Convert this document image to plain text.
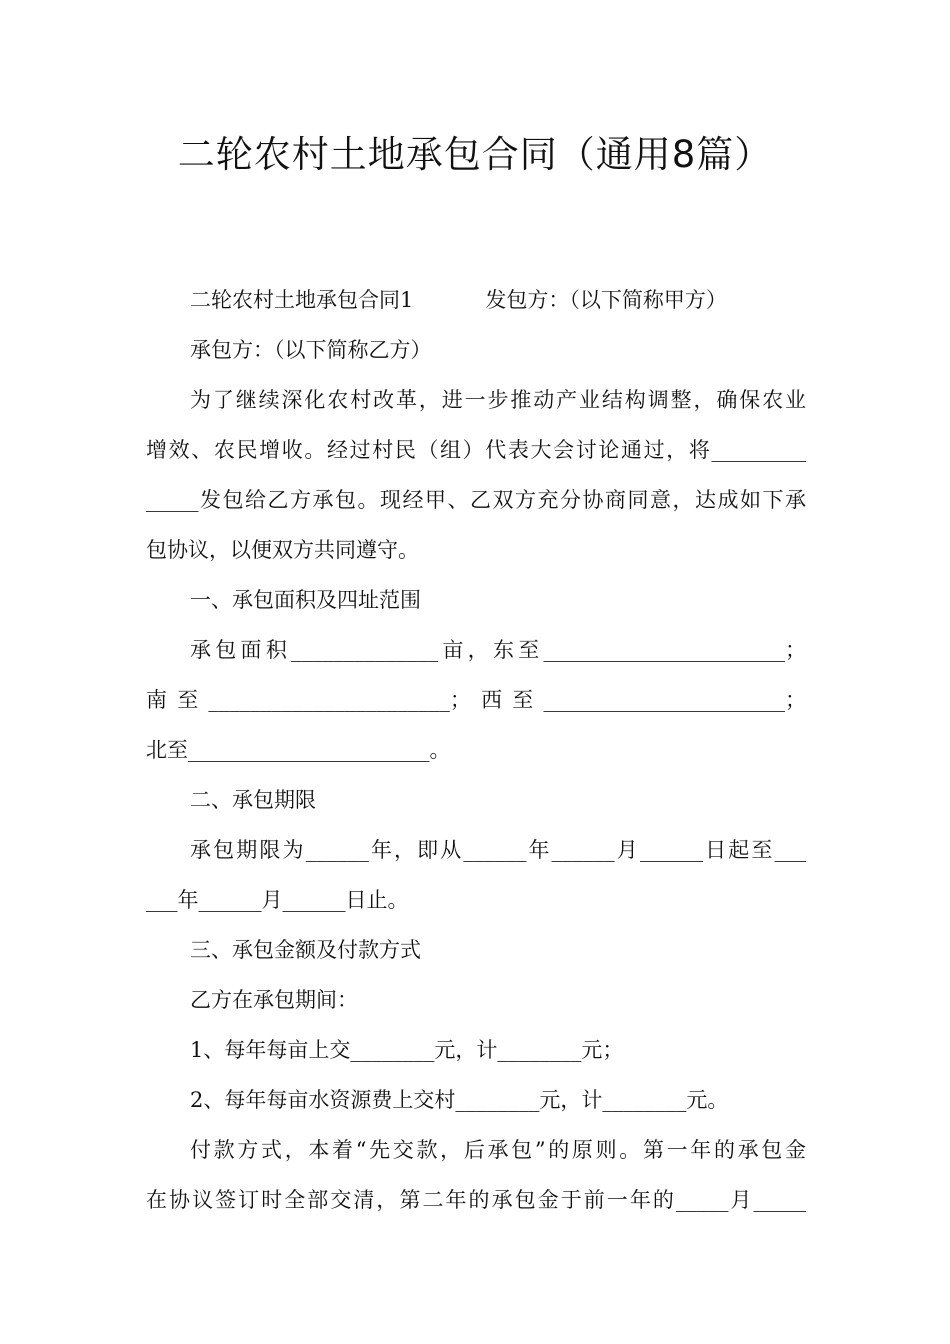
二轮农村土地承包合同（通用8篇）
二轮农村土地承包合同1	发包方：（以下简称甲方）
承包方：（以下简称乙方）
为了继续深化农村改革，进一步推动产业结构调整，确保农业
增效、农民增收。经过村民（组）代表大会讨论通过，将_________
_____发包给乙方承包。现经甲、乙双方充分协商同意，达成如下承
包协议，以便双方共同遵守。
一、承包面积及四址范围
承包面积______________亩，东至_______________________；
南至_______________________；西至_______________________；
北至_______________________。
二、承包期限
承包期限为______年，即从______年______月______日起至___
___年______月______日止。
三、承包金额及付款方式
乙方在承包期间：
1、每年每亩上交________元，计________元；
2、每年每亩水资源费上交村________元，计________元。
付款方式，本着“先交款，后承包”的原则。第一年的承包金
在协议签订时全部交清，第二年的承包金于前一年的_____月_____
